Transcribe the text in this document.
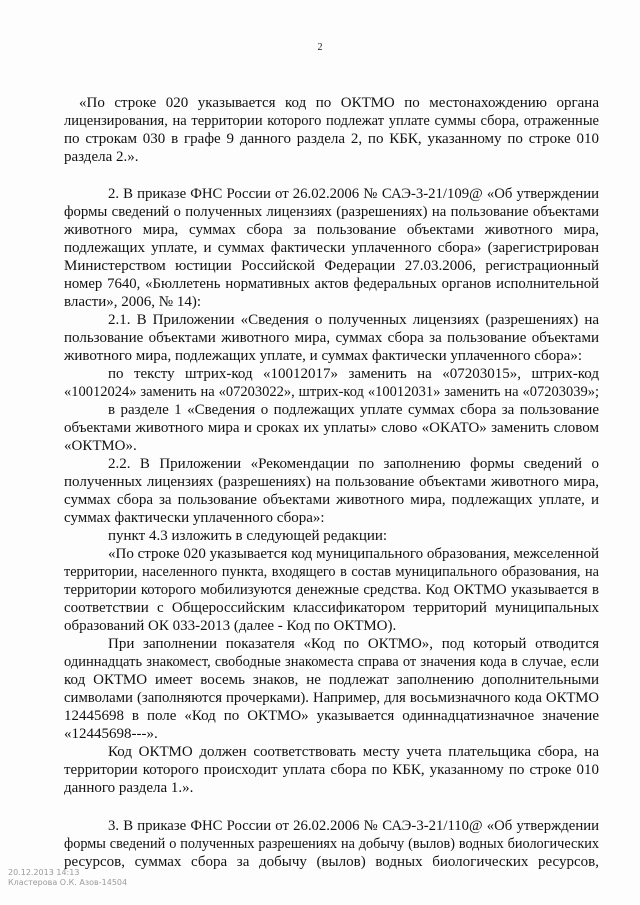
2
«По строке 020 указывается код по ОКТМО по местонахождению органа
лицензирования, на территории которого подлежат уплате суммы сбора, отраженные
по строкам 030 в графе 9 данного раздела 2, по КБК, указанному по строке 010
раздела 2.».
2. В приказе ФНС России от 26.02.2006 № САЭ-3-21/109@ «Об утверждении
формы сведений о полученных лицензиях (разрешениях) на пользование объектами
животного мира, суммах сбора за пользование объектами животного мира,
подлежащих уплате, и суммах фактически уплаченного сбора» (зарегистрирован
Министерством юстиции Российской Федерации 27.03.2006, регистрационный
номер 7640, «Бюллетень нормативных актов федеральных органов исполнительной
власти», 2006, № 14):
2.1. В Приложении «Сведения о полученных лицензиях (разрешениях) на
пользование объектами животного мира, суммах сбора за пользование объектами
животного мира, подлежащих уплате, и суммах фактически уплаченного сбора»:
по тексту штрих-код «10012017» заменить на «07203015», штрих-код
«10012024» заменить на «07203022», штрих-код «10012031» заменить на «07203039»;
в разделе 1 «Сведения о подлежащих уплате суммах сбора за пользование
объектами животного мира и сроках их уплаты» слово «ОКАТО» заменить словом
«ОКТМО».
2.2. В Приложении «Рекомендации по заполнению формы сведений о
полученных лицензиях (разрешениях) на пользование объектами животного мира,
суммах сбора за пользование объектами животного мира, подлежащих уплате, и
суммах фактически уплаченного сбора»:
пункт 4.3 изложить в следующей редакции:
«По строке 020 указывается код муниципального образования, межселенной
территории, населенного пункта, входящего в состав муниципального образования, на
территории которого мобилизуются денежные средства. Код ОКТМО указывается в
соответствии с Общероссийским классификатором территорий муниципальных
образований ОК 033-2013 (далее - Код по ОКТМО).
При заполнении показателя «Код по ОКТМО», под который отводится
одиннадцать знакомест, свободные знакоместа справа от значения кода в случае, если
код ОКТМО имеет восемь знаков, не подлежат заполнению дополнительными
символами (заполняются прочерками). Например, для восьмизначного кода ОКТМО
12445698 в поле «Код по ОКТМО» указывается одиннадцатизначное значение
«12445698---».
Код ОКТМО должен соответствовать месту учета плательщика сбора, на
территории которого происходит уплата сбора по КБК, указанному по строке 010
данного раздела 1.».
3. В приказе ФНС России от 26.02.2006 № САЭ-3-21/110@ «Об утверждении
формы сведений о полученных разрешениях на добычу (вылов) водных биологических
ресурсов, суммах сбора за добычу (вылов) водных биологических ресурсов,
20.12.2013 14:13
Кластерова О.К. Азов-14504
